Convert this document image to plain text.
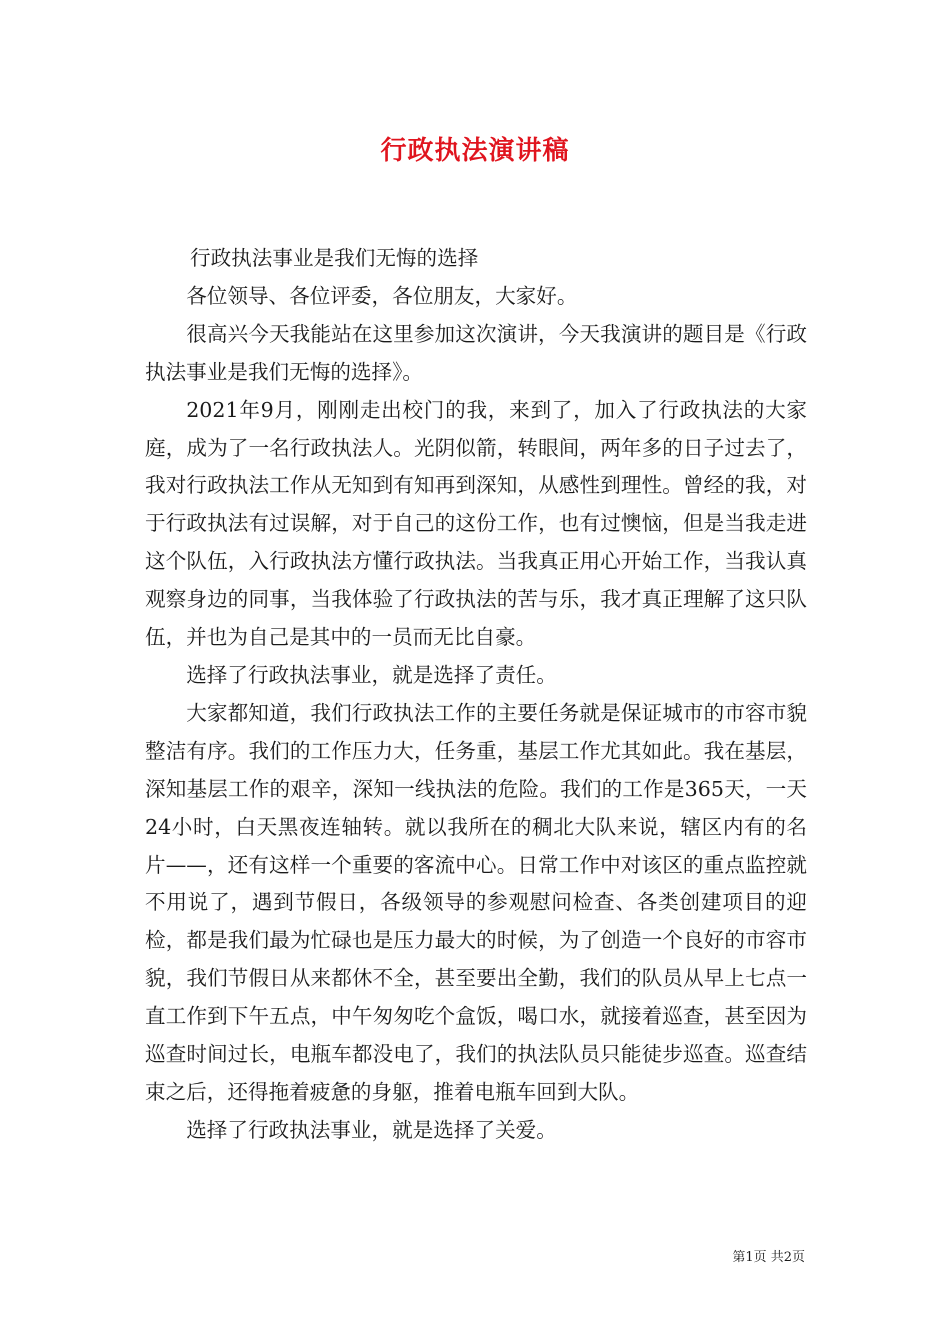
行政执法演讲稿

行政执法事业是我们无悔的选择

各位领导、各位评委，各位朋友，大家好。

很高兴今天我能站在这里参加这次演讲，今天我演讲的题目是《行政执法事业是我们无悔的选择》。

2021年9月，刚刚走出校门的我，来到了，加入了行政执法的大家庭，成为了一名行政执法人。光阴似箭，转眼间，两年多的日子过去了，我对行政执法工作从无知到有知再到深知，从感性到理性。曾经的我，对于行政执法有过误解，对于自己的这份工作，也有过懊恼，但是当我走进这个队伍，入行政执法方懂行政执法。当我真正用心开始工作，当我认真观察身边的同事，当我体验了行政执法的苦与乐，我才真正理解了这只队伍，并也为自己是其中的一员而无比自豪。

选择了行政执法事业，就是选择了责任。

大家都知道，我们行政执法工作的主要任务就是保证城市的市容市貌整洁有序。我们的工作压力大，任务重，基层工作尤其如此。我在基层，深知基层工作的艰辛，深知一线执法的危险。我们的工作是365天，一天24小时，白天黑夜连轴转。就以我所在的稠北大队来说，辖区内有的名片——，还有这样一个重要的客流中心。日常工作中对该区的重点监控就不用说了，遇到节假日，各级领导的参观慰问检查、各类创建项目的迎检，都是我们最为忙碌也是压力最大的时候，为了创造一个良好的市容市貌，我们节假日从来都休不全，甚至要出全勤，我们的队员从早上七点一直工作到下午五点，中午匆匆吃个盒饭，喝口水，就接着巡查，甚至因为巡查时间过长，电瓶车都没电了，我们的执法队员只能徒步巡查。巡查结束之后，还得拖着疲惫的身躯，推着电瓶车回到大队。

选择了行政执法事业，就是选择了关爱。

第1页 共2页
